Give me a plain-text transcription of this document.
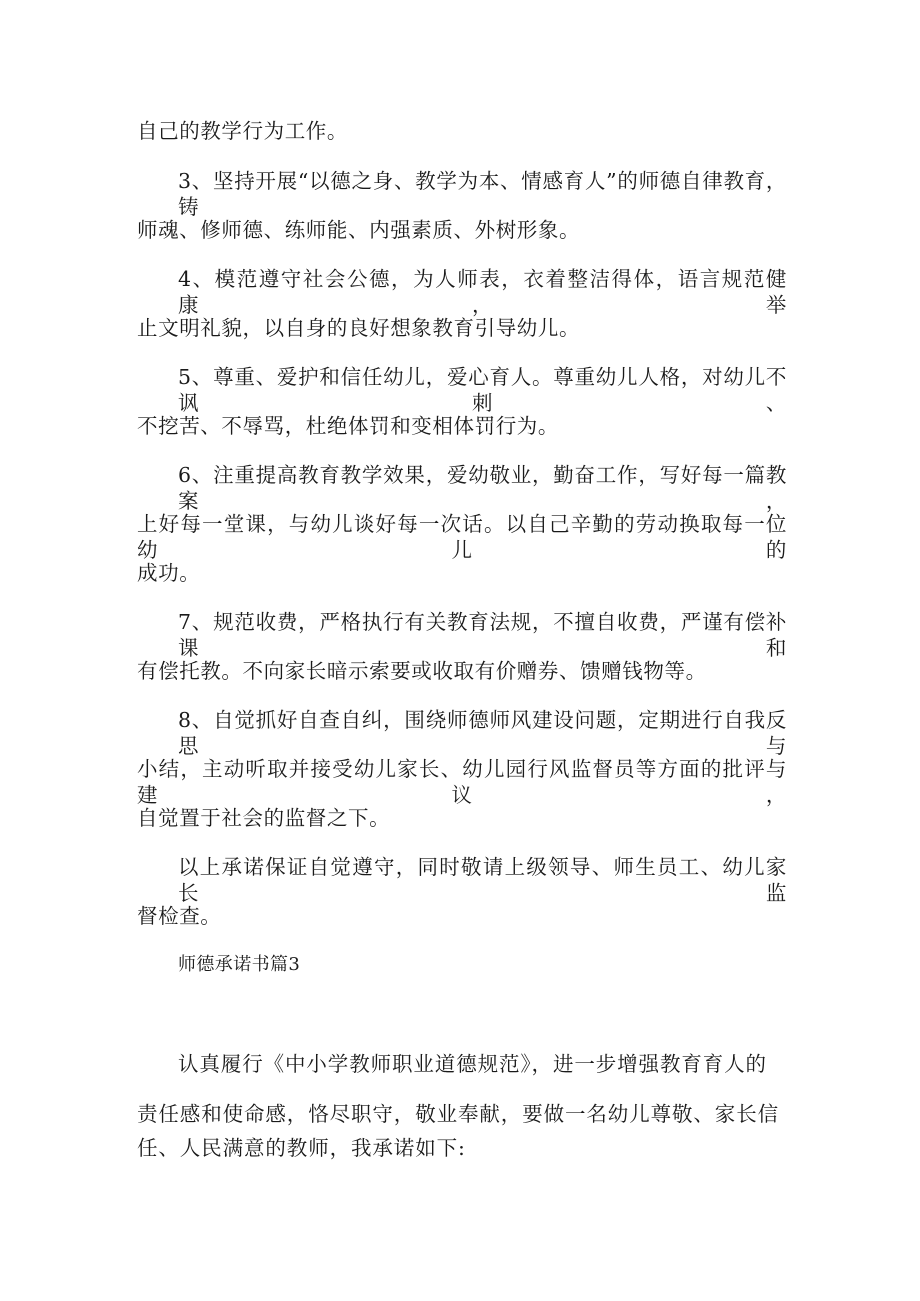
自己的教学行为工作。
3、坚持开展“以德之身、教学为本、情感育人”的师德自律教育，铸
师魂、修师德、练师能、内强素质、外树形象。
4、模范遵守社会公德，为人师表，衣着整洁得体，语言规范健康，举
止文明礼貌，以自身的良好想象教育引导幼儿。
5、尊重、爱护和信任幼儿，爱心育人。尊重幼儿人格，对幼儿不讽刺、
不挖苦、不辱骂，杜绝体罚和变相体罚行为。
6、注重提高教育教学效果，爱幼敬业，勤奋工作，写好每一篇教案，
上好每一堂课，与幼儿谈好每一次话。以自己辛勤的劳动换取每一位幼儿的
成功。
7、规范收费，严格执行有关教育法规，不擅自收费，严谨有偿补课和
有偿托教。不向家长暗示索要或收取有价赠券、馈赠钱物等。
8、自觉抓好自查自纠，围绕师德师风建设问题，定期进行自我反思与
小结，主动听取并接受幼儿家长、幼儿园行风监督员等方面的批评与建议，
自觉置于社会的监督之下。
以上承诺保证自觉遵守，同时敬请上级领导、师生员工、幼儿家长监
督检查。
师德承诺书篇3
认真履行《中小学教师职业道德规范》，进一步增强教育育人的
责任感和使命感，恪尽职守，敬业奉献，要做一名幼儿尊敬、家长信
任、人民满意的教师，我承诺如下:
